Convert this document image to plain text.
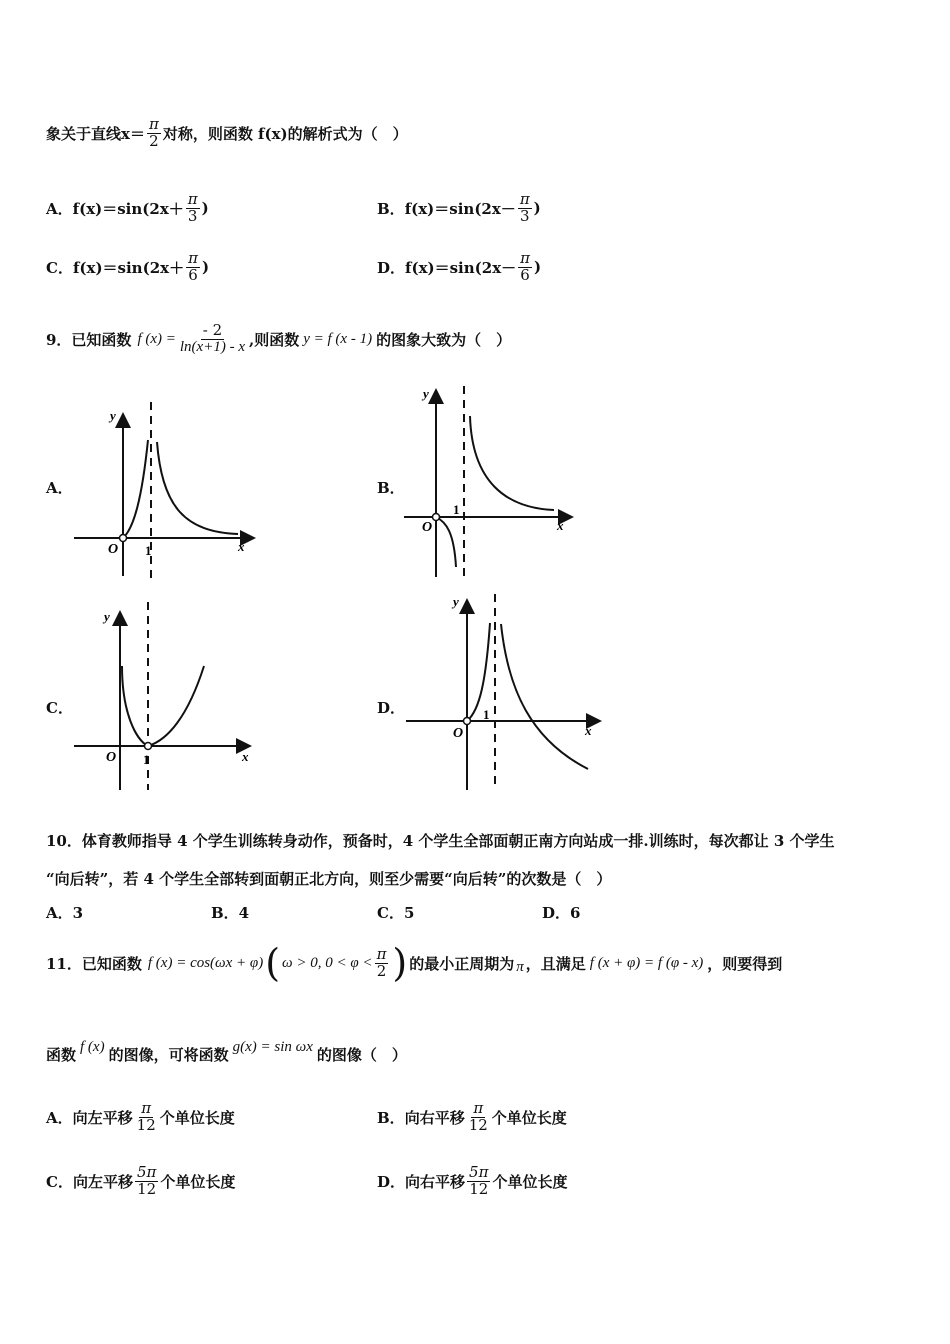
象关于直线 $x= \frac{\pi}{2}$ 对称，则函数 f(x)的解析式为（　）
A． $f(x)=\sin(2x+ \frac{\pi}{3}$ )	B． $f(x)=\sin(2x- \frac{\pi}{3}$ )
C． $f(x)=\sin(2x+ \frac{\pi}{6}$ )	D． $f(x)=\sin(2x- \frac{\pi}{6}$ )
9．已知函数 f $(x) = \frac{- 2}{\ln(x+1) - x}$ ,则函数 y = f (x - 1) 的图象大致为（　）
A．	B．
C．	D．
y
x
O 1
y
x
O
1
y
x
O 1
y
x
O
1
10．体育教师指导 4 个学生训练转身动作，预备时，4 个学生全部面朝正南方向站成一排.训练时，每次都让 3 个学生
“向后转”，若 4 个学生全部转到面朝正北方向，则至少需要“向后转”的次数是（　）
A．3	B．4	C．5	D．6
11．已知函数 f (x) = cos(ωx + φ) ( ω > 0, $0 < \varphi < \frac{\pi}{2}$ ) 的最小正周期为 π ，且满足 f (x + φ) = f (φ - x) ，则要得到
函数 f (x) 的图像，可将函数 g(x) = sin ωx 的图像（　）
A． 向左平移 $\frac{\pi}{12}$ 个单位长度	B． 向右平移 $\frac{\pi}{12}$ 个单位长度
C． 向左平移 $\frac{5\pi}{12}$ 个单位长度	D． 向右平移 $\frac{5\pi}{12}$ 个单位长度
